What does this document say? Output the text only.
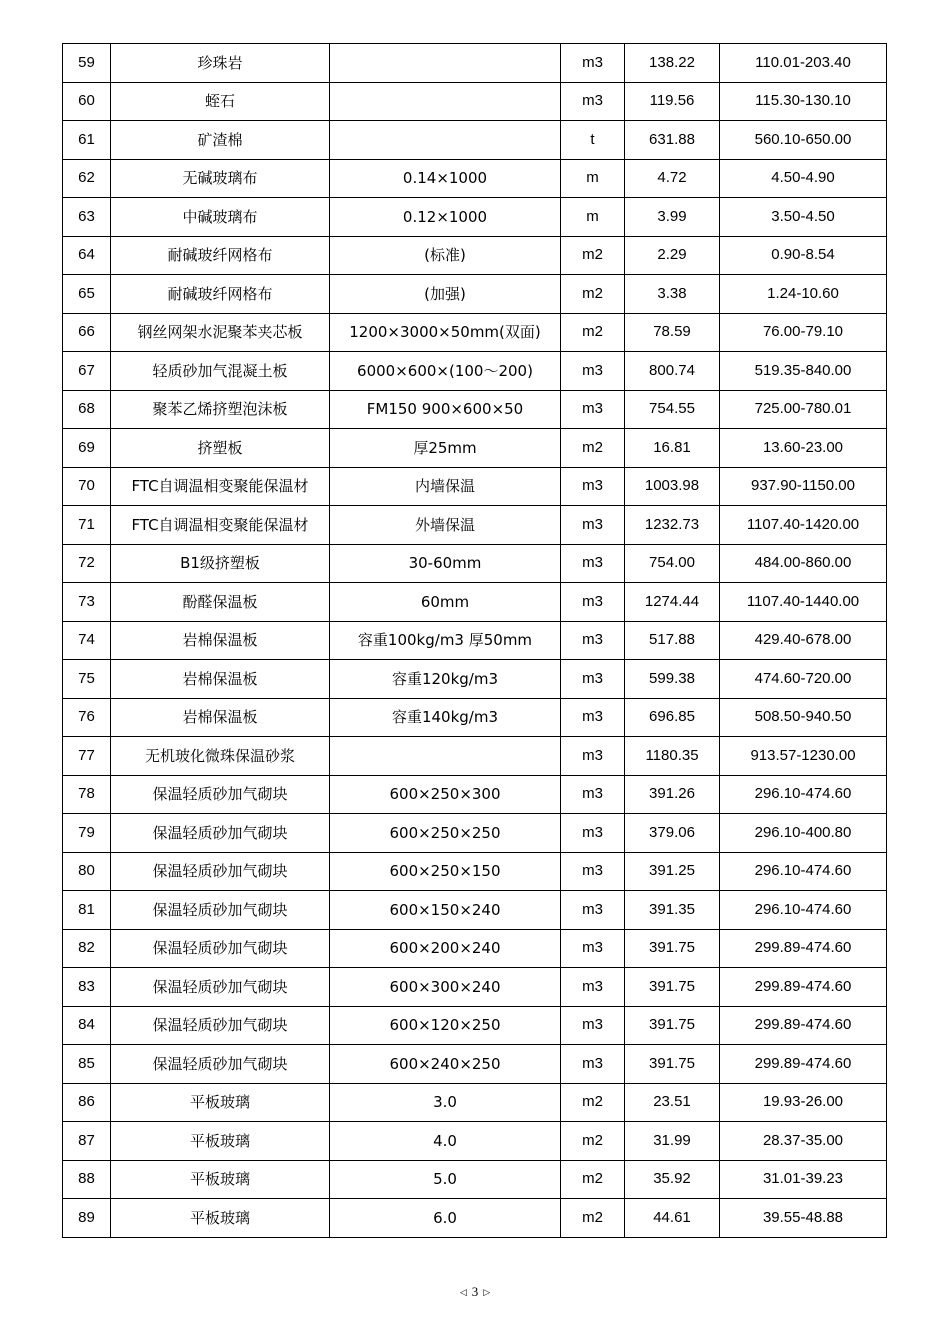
59	珍珠岩		m3	138.22	110.01-203.40
60	蛭石		m3	119.56	115.30-130.10
61	矿渣棉		t	631.88	560.10-650.00
62	无碱玻璃布	0.14×1000	m	4.72	4.50-4.90
63	中碱玻璃布	0.12×1000	m	3.99	3.50-4.50
64	耐碱玻纤网格布	(标准)	m2	2.29	0.90-8.54
65	耐碱玻纤网格布	(加强)	m2	3.38	1.24-10.60
66	钢丝网架水泥聚苯夹芯板	1200×3000×50mm(双面)	m2	78.59	76.00-79.10
67	轻质砂加气混凝土板	6000×600×(100～200)	m3	800.74	519.35-840.00
68	聚苯乙烯挤塑泡沫板	FM150 900×600×50	m3	754.55	725.00-780.01
69	挤塑板	厚25mm	m2	16.81	13.60-23.00
70	FTC自调温相变聚能保温材	内墙保温	m3	1003.98	937.90-1150.00
71	FTC自调温相变聚能保温材	外墙保温	m3	1232.73	1107.40-1420.00
72	B1级挤塑板	30-60mm	m3	754.00	484.00-860.00
73	酚醛保温板	60mm	m3	1274.44	1107.40-1440.00
74	岩棉保温板	容重100kg/m3 厚50mm	m3	517.88	429.40-678.00
75	岩棉保温板	容重120kg/m3	m3	599.38	474.60-720.00
76	岩棉保温板	容重140kg/m3	m3	696.85	508.50-940.50
77	无机玻化微珠保温砂浆		m3	1180.35	913.57-1230.00
78	保温轻质砂加气砌块	600×250×300	m3	391.26	296.10-474.60
79	保温轻质砂加气砌块	600×250×250	m3	379.06	296.10-400.80
80	保温轻质砂加气砌块	600×250×150	m3	391.25	296.10-474.60
81	保温轻质砂加气砌块	600×150×240	m3	391.35	296.10-474.60
82	保温轻质砂加气砌块	600×200×240	m3	391.75	299.89-474.60
83	保温轻质砂加气砌块	600×300×240	m3	391.75	299.89-474.60
84	保温轻质砂加气砌块	600×120×250	m3	391.75	299.89-474.60
85	保温轻质砂加气砌块	600×240×250	m3	391.75	299.89-474.60
86	平板玻璃	3.0	m2	23.51	19.93-26.00
87	平板玻璃	4.0	m2	31.99	28.37-35.00
88	平板玻璃	5.0	m2	35.92	31.01-39.23
89	平板玻璃	6.0	m2	44.61	39.55-48.88
◁ 3 ▷
